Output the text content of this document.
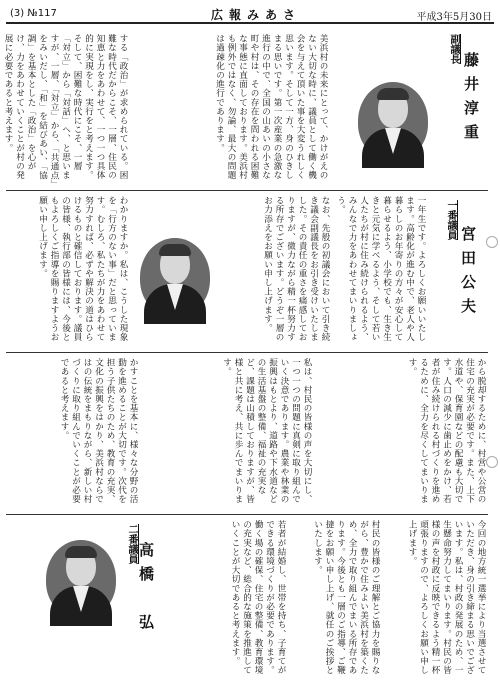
(3) №117	広報みあさ	平成3年5月30日
する「政治」が求められている。困難な時代だからこそ、一層、住民の知恵と力をあわせて、一つ一つ具体的に実現をし、実行をと考えます。そして、困難な時代にこそ、一層「対立」から「対話」へ、と思いますが、一層、「対立」から、「共通点」をみいだし、「和」を結びあい、「協調」を基本とした「政治」を心がけ、力をあわせていくことが村の発展に必要であると考えます。	美浜村の未来にとって、かけがえのない大切な時に、議員として働く機会を与えて頂いた事を大変うれしく思います。そして一方、身のひきしまる思いです。第一次産業の急激な進行の中で、全国の山あいの小さな町や村は、その存在を問われる困難な事態に直面しております。美浜村も例外ではなく、勿論、最大の問題は過疎化の進行であります。	副議長
藤井淳重
わかりますか。私は、こうした現象を「行方のない事」だと思っています。むしろ、私たちが力をあわせて努力すれば、必ずや解決の道はひらけるものと確信しております。議員の皆様、執行部の皆様には、今後ともよろしくご指導を賜りますようお願い申し上げます。	なお、先般の初議会において引き続き議会副議長をお引き受けいたしました。その責任の重さを痛感しておりますが、微力ながら精一杯努力する所存でございます。どうぞ一層のお力添えをお願い申し上げます。	一年生です。よろしくお願いいたします。高齢化が進む中で、老人や人暮らしのお年寄りの方々が安心して暮らせるよう、小学校でも、生き生きと元気に学べるよう、そして若い人たちが村に住み続けられるよう、みんなで力をあわせてまいりましょう。	一番議員
宮田公夫
かすことを基本に、様々な分野の活動を進めることが大切です。次代を担う子供たちのため、教育の充実、文化の振興をはかり、美浜村ならではの伝統をまもりながら、新しい村づくりに取り組んでいくことが必要であると考えます。	私は、村民の皆様の声を大切にし、一つ一つの問題に真剣に取り組んでいく決意であります。農業や林業の振興はもとより、道路や下水道などの生活基盤の整備、福祉の充実など、課題は山積しておりますが、皆様と共に考え、共に歩んでまいります。	から脱却するために、村営や公営の住宅の充実が必要です。また、上下水道や、保育園などの配慮も大切です。人口の減少に歯止めをかけ、若者が住み続けられる村づくりを進めるために、全力を尽くしてまいります。
二番議員 高橋　弘	若者が結婚し、世帯を持ち、子育てができる環境づくりが必要であります。働く場の確保、住宅の整備、教育環境の充実など、総合的な施策を推進していくことが大切であると考えます。	村民の皆様のご理解とご協力を賜りながら、豊かで住みよい美浜村を築くため、全力で取り組んでまいる所存であります。今後とも一層のご指導、ご鞭撻をお願い申し上げ、就任のご挨拶といたします。	今回の地方統一選挙により当選させていただき、身の引き締まる思いでございます。私は、村政の発展のため、一生懸命努力してまいります。村民の皆様の声を村政に反映できるよう精一杯頑張りますので、よろしくお願い申し上げます。
